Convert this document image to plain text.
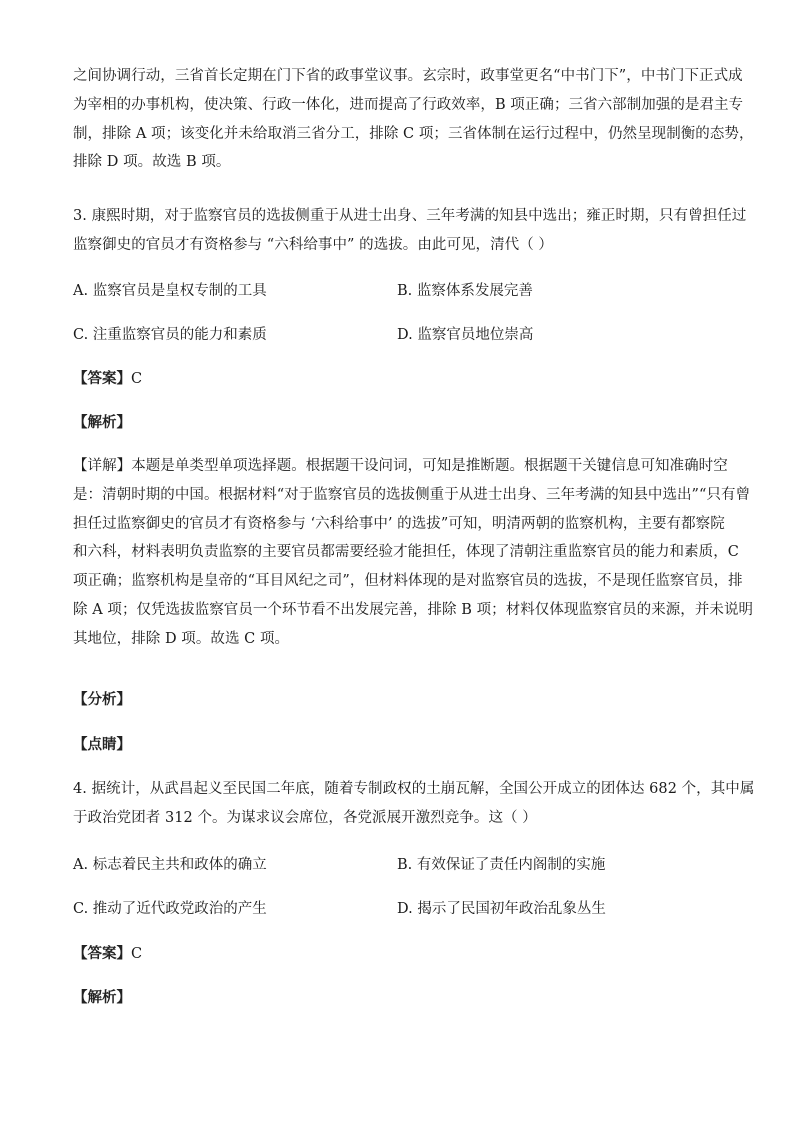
之间协调行动，三省首长定期在门下省的政事堂议事。玄宗时，政事堂更名“中书门下”，中书门下正式成
为宰相的办事机构，使决策、行政一体化，进而提高了行政效率，B 项正确；三省六部制加强的是君主专
制，排除 A 项；该变化并未给取消三省分工，排除 C 项；三省体制在运行过程中，仍然呈现制衡的态势，
排除 D 项。故选 B 项。
3. 康熙时期，对于监察官员的选拔侧重于从进士出身、三年考满的知县中选出；雍正时期，只有曾担任过
监察御史的官员才有资格参与 “六科给事中” 的选拔。由此可见，清代（ ）
A. 监察官员是皇权专制的工具	B. 监察体系发展完善
C. 注重监察官员的能力和素质	D. 监察官员地位崇高
【答案】C
【解析】
【详解】本题是单类型单项选择题。根据题干设问词，可知是推断题。根据题干关键信息可知准确时空
是：清朝时期的中国。根据材料“对于监察官员的选拔侧重于从进士出身、三年考满的知县中选出”“只有曾
担任过监察御史的官员才有资格参与 ‘六科给事中’ 的选拔”可知，明清两朝的监察机构，主要有都察院
和六科，材料表明负责监察的主要官员都需要经验才能担任，体现了清朝注重监察官员的能力和素质，C
项正确；监察机构是皇帝的“耳目风纪之司”，但材料体现的是对监察官员的选拔，不是现任监察官员，排
除 A 项；仅凭选拔监察官员一个环节看不出发展完善，排除 B 项；材料仅体现监察官员的来源，并未说明
其地位，排除 D 项。故选 C 项。
【分析】
【点睛】
4. 据统计，从武昌起义至民国二年底，随着专制政权的土崩瓦解，全国公开成立的团体达 682 个，其中属
于政治党团者 312 个。为谋求议会席位，各党派展开激烈竞争。这（ ）
A. 标志着民主共和政体的确立	B. 有效保证了责任内阁制的实施
C. 推动了近代政党政治的产生	D. 揭示了民国初年政治乱象丛生
【答案】C
【解析】
